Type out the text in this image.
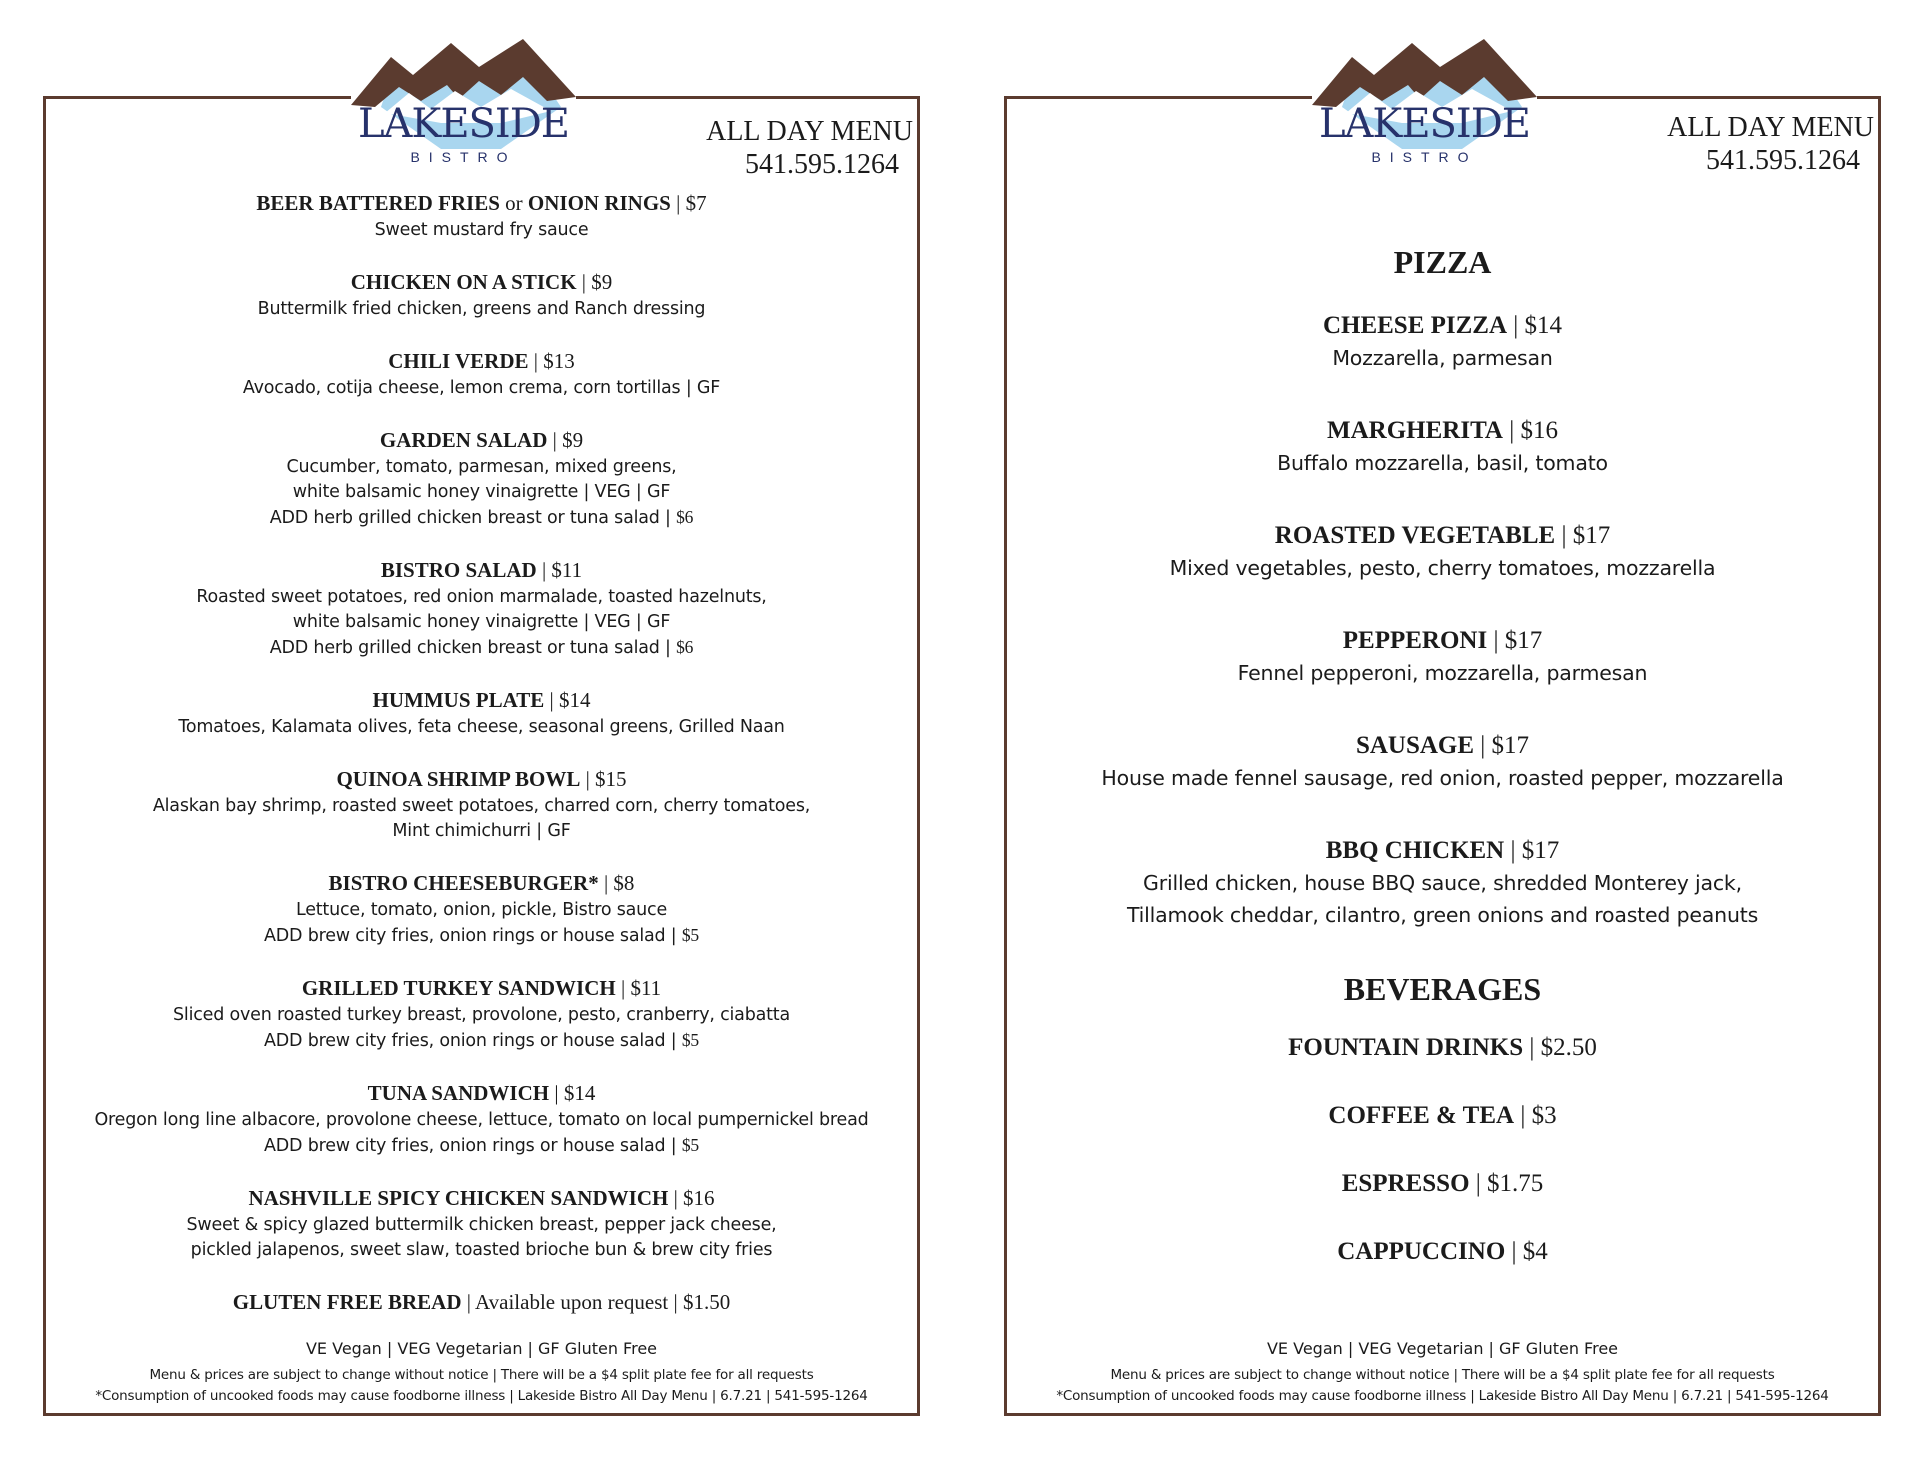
LAKESIDE
BISTRO
ALL DAY MENU
541.595.1264
BEER BATTERED FRIES or ONION RINGS | $7
Sweet mustard fry sauce
CHICKEN ON A STICK | $9
Buttermilk fried chicken, greens and Ranch dressing
CHILI VERDE | $13
Avocado, cotija cheese, lemon crema, corn tortillas | GF
GARDEN SALAD | $9
Cucumber, tomato, parmesan, mixed greens,
white balsamic honey vinaigrette | VEG | GF
ADD herb grilled chicken breast or tuna salad | $6
BISTRO SALAD | $11
Roasted sweet potatoes, red onion marmalade, toasted hazelnuts,
white balsamic honey vinaigrette | VEG | GF
ADD herb grilled chicken breast or tuna salad | $6
HUMMUS PLATE | $14
Tomatoes, Kalamata olives, feta cheese, seasonal greens, Grilled Naan
QUINOA SHRIMP BOWL | $15
Alaskan bay shrimp, roasted sweet potatoes, charred corn, cherry tomatoes,
Mint chimichurri | GF
BISTRO CHEESEBURGER* | $8
Lettuce, tomato, onion, pickle, Bistro sauce
ADD brew city fries, onion rings or house salad | $5
GRILLED TURKEY SANDWICH | $11
Sliced oven roasted turkey breast, provolone, pesto, cranberry, ciabatta
ADD brew city fries, onion rings or house salad | $5
TUNA SANDWICH | $14
Oregon long line albacore, provolone cheese, lettuce, tomato on local pumpernickel bread
ADD brew city fries, onion rings or house salad | $5
NASHVILLE SPICY CHICKEN SANDWICH | $16
Sweet & spicy glazed buttermilk chicken breast, pepper jack cheese,
pickled jalapenos, sweet slaw, toasted brioche bun & brew city fries
GLUTEN FREE BREAD | Available upon request | $1.50
VE Vegan | VEG Vegetarian | GF Gluten Free
Menu & prices are subject to change without notice | There will be a $4 split plate fee for all requests
*Consumption of uncooked foods may cause foodborne illness | Lakeside Bistro All Day Menu | 6.7.21 | 541-595-1264
LAKESIDE
BISTRO
ALL DAY MENU
541.595.1264
PIZZA
CHEESE PIZZA | $14
Mozzarella, parmesan
MARGHERITA | $16
Buffalo mozzarella, basil, tomato
ROASTED VEGETABLE | $17
Mixed vegetables, pesto, cherry tomatoes, mozzarella
PEPPERONI | $17
Fennel pepperoni, mozzarella, parmesan
SAUSAGE | $17
House made fennel sausage, red onion, roasted pepper, mozzarella
BBQ CHICKEN | $17
Grilled chicken, house BBQ sauce, shredded Monterey jack,
Tillamook cheddar, cilantro, green onions and roasted peanuts
BEVERAGES
FOUNTAIN DRINKS | $2.50
COFFEE & TEA | $3
ESPRESSO | $1.75
CAPPUCCINO | $4
VE Vegan | VEG Vegetarian | GF Gluten Free
Menu & prices are subject to change without notice | There will be a $4 split plate fee for all requests
*Consumption of uncooked foods may cause foodborne illness | Lakeside Bistro All Day Menu | 6.7.21 | 541-595-1264
